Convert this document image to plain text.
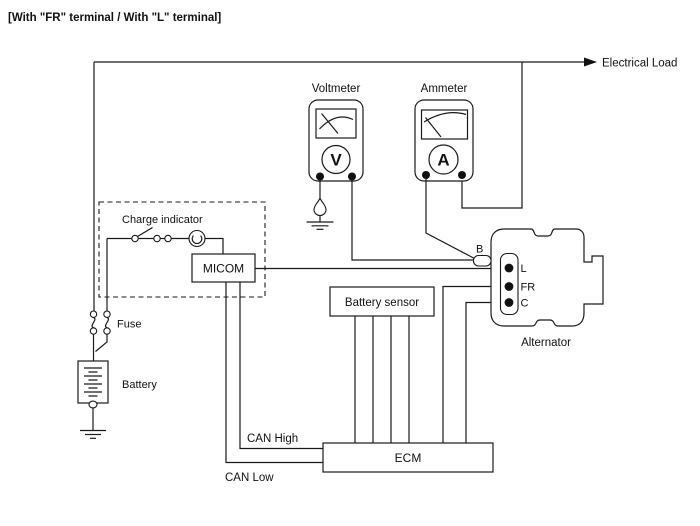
[With "FR" terminal / With "L" terminal]
Electrical Load
Voltmeter
V
Ammeter
A
Charge indicator
MICOM
CAN High
CAN Low
Fuse
Battery
Battery sensor
ECM
B
L
FR
C
Alternator
